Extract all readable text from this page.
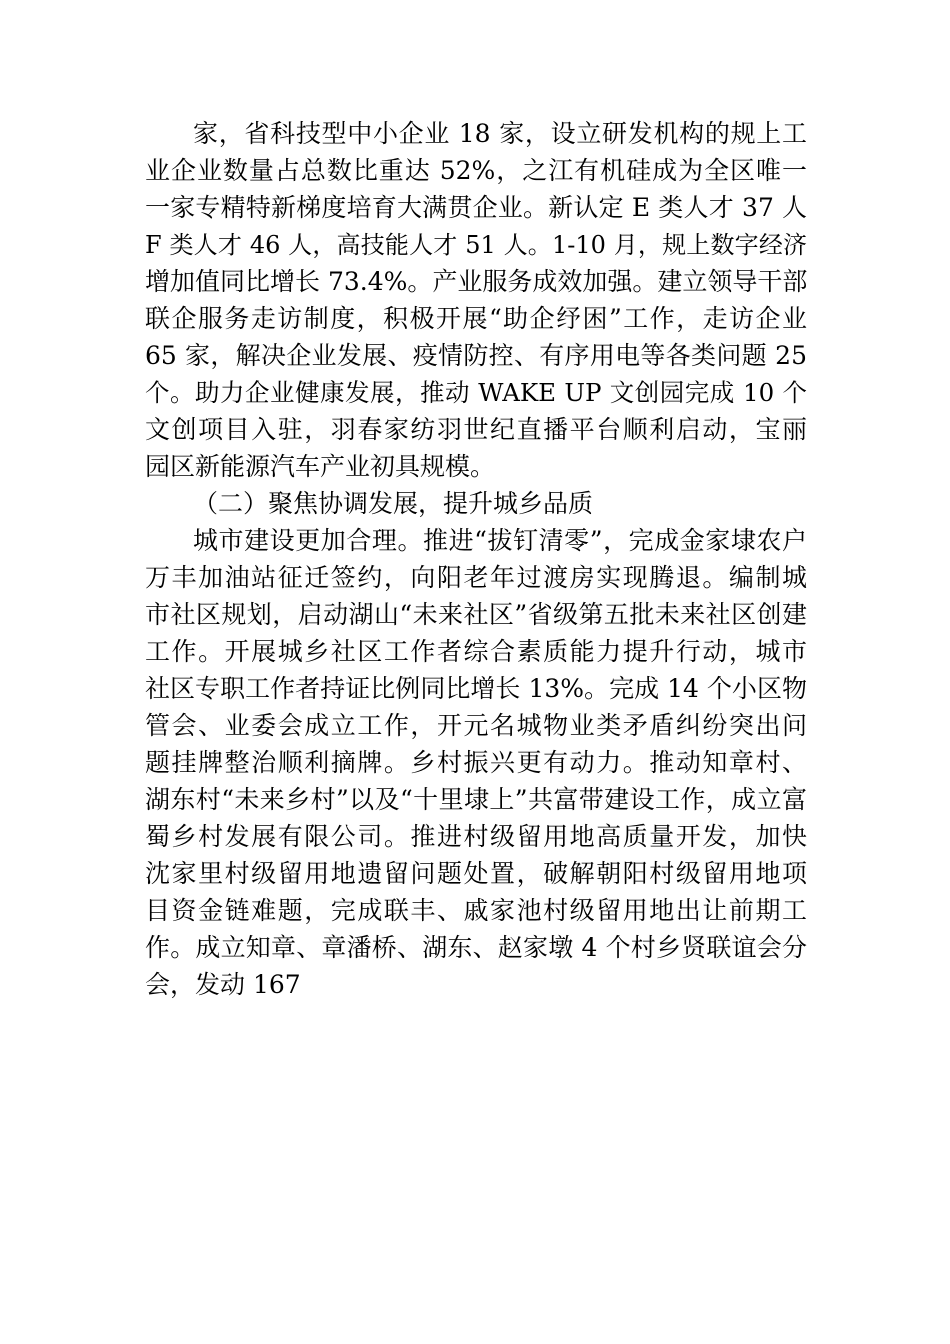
家，省科技型中小企业 18 家，设立研发机构的规上工

业企业数量占总数比重达 52%，之江有机硅成为全区唯一

一家专精特新梯度培育大满贯企业。新认定 E 类人才 37 人

F 类人才 46 人，高技能人才 51 人。1-10 月，规上数字经济

增加值同比增长 73.4%。产业服务成效加强。建立领导干部

联企服务走访制度，积极开展“助企纾困”工作，走访企业

65 家，解决企业发展、疫情防控、有序用电等各类问题 25

个。助力企业健康发展，推动 WAKE UP 文创园完成 10 个

文创项目入驻，羽春家纺羽世纪直播平台顺利启动，宝丽

园区新能源汽车产业初具规模。

（二）聚焦协调发展，提升城乡品质

城市建设更加合理。推进“拔钉清零”，完成金家埭农户

万丰加油站征迁签约，向阳老年过渡房实现腾退。编制城

市社区规划，启动湖山“未来社区”省级第五批未来社区创建

工作。开展城乡社区工作者综合素质能力提升行动，城市

社区专职工作者持证比例同比增长 13%。完成 14 个小区物

管会、业委会成立工作，开元名城物业类矛盾纠纷突出问

题挂牌整治顺利摘牌。乡村振兴更有动力。推动知章村、

湖东村“未来乡村”以及“十里埭上”共富带建设工作，成立富

蜀乡村发展有限公司。推进村级留用地高质量开发，加快

沈家里村级留用地遗留问题处置，破解朝阳村级留用地项

目资金链难题，完成联丰、戚家池村级留用地出让前期工

作。成立知章、章潘桥、湖东、赵家墩 4 个村乡贤联谊会分

会，发动 167
